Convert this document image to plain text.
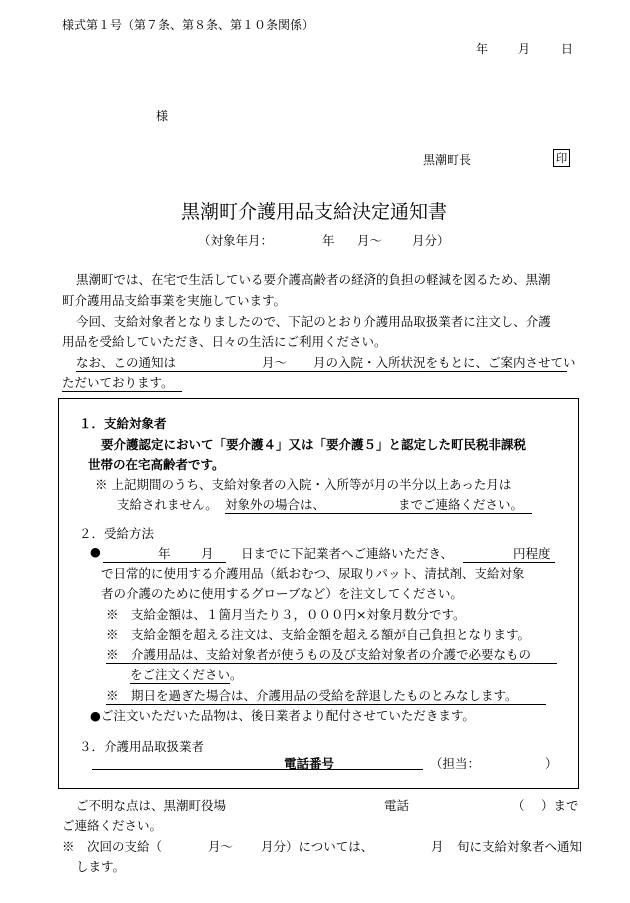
様式第１号（第７条、第８条、第１０条関係）
年 月	日
様
黒潮町長	印
黒潮町介護用品支給決定通知書
（対象年月：	年 月～ 月分）
黒潮町では、在宅で生活している要介護高齢者の経済的負担の軽減を図るため、黒潮
町介護用品支給事業を実施しています。
今回、支給対象者となりましたので、下記のとおり介護用品取扱業者に注文し、介護
用品を受給していただき、日々の生活にご利用ください。
なお、この通知は	月～ 月の入院・入所状況をもとに、ご案内させてい
ただいております。
１．支給対象者
要介護認定において「要介護４」又は「要介護５」と認定した町民税非課税
世帯の在宅高齢者です。
※ 上記期間のうち、支給対象者の入院・入所等が月の半分以上あった月は
支給されません。 対象外の場合は、	までご連絡ください。
２．受給方法
●	年 月 日までに下記業者へご連絡いただき、	円程度
で日常的に使用する介護用品（紙おむつ、尿取りパット、清拭剤、支給対象
者の介護のために使用するグローブなど）を注文してください。
※　支給金額は、１箇月当たり３，０００円×対象月数分です。
※　支給金額を超える注文は、支給金額を超える額が自己負担となります。
※　介護用品は、支給対象者が使うもの及び支給対象者の介護で必要なもの
をご注文ください。
※　期日を過ぎた場合は、介護用品の受給を辞退したものとみなします。
●ご注文いただいた品物は、後日業者より配付させていただきます。
３．介護用品取扱業者
電話番号	（担当：	）
ご不明な点は、黒潮町役場	電話	（ ）まで
ご連絡ください。
※　次回の支給（	月～ 月分）については、	月 旬に支給対象者へ通知
します。
